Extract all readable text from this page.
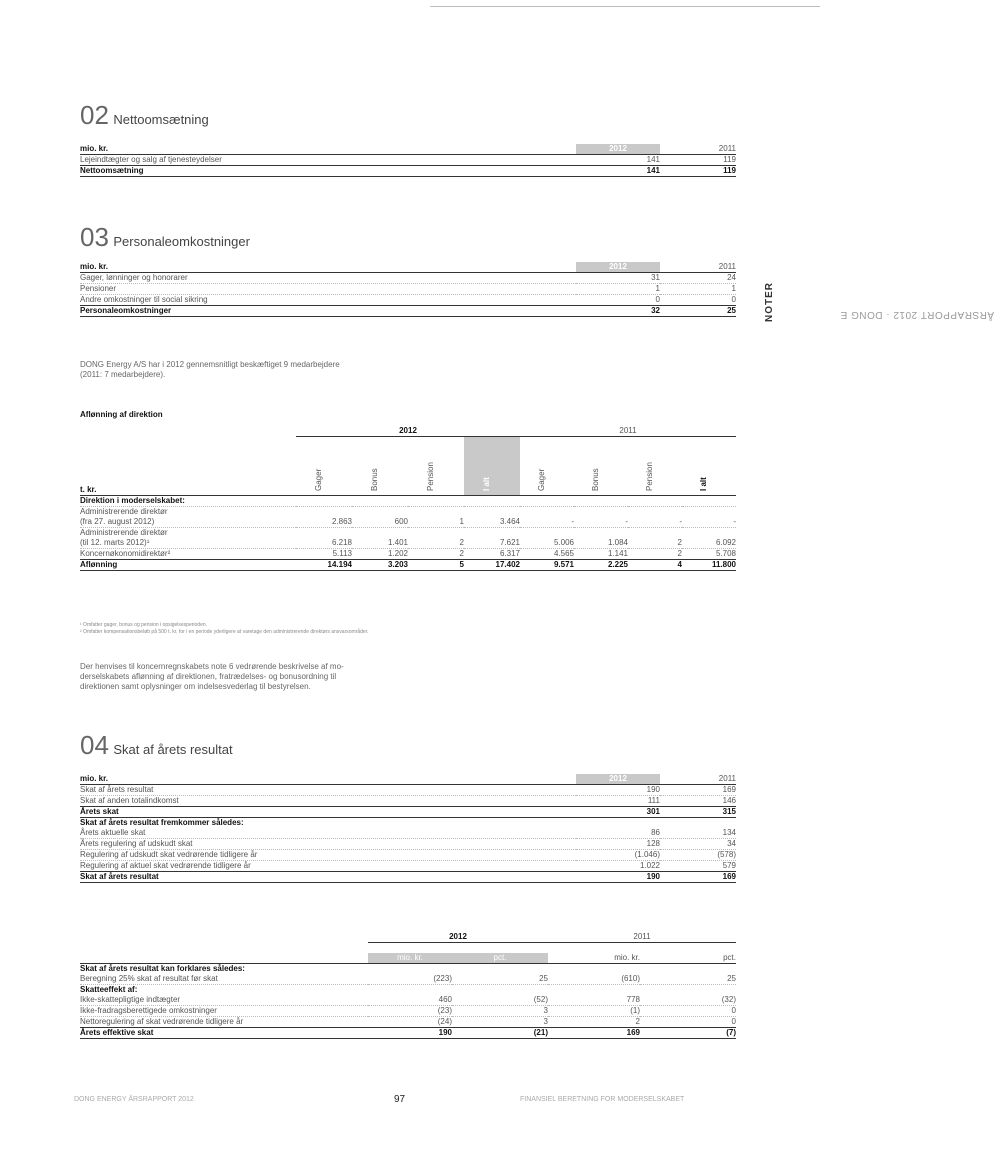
ÅRSRAPPORT 2012 · DONG E
NOTER
02 Nettoomsætning
mio. kr.	2012	2011
Lejeindtægter og salg af tjenesteydelser	141	119
Nettoomsætning	141	119
03 Personaleomkostninger
mio. kr.	2012	2011
Gager, lønninger og honorarer	31	24
Pensioner	1	1
Andre omkostninger til social sikring	0	0
Personaleomkostninger	32	25
DONG Energy A/S har i 2012 gennemsnitligt beskæftiget 9 medarbejdere
(2011: 7 medarbejdere).
Aflønning af direktion
	2012				2011			
t. kr.	Gager	Bonus	Pension	I alt	Gager	Bonus	Pension	I alt

Direktion i moderselskabet:								
Administrerende direktør								
(fra 27. august 2012)	2.863	600	1	3.464	-	-	-	-
Administrerende direktør								
(til 12. marts 2012)¹	6.218	1.401	2	7.621	5.006	1.084	2	6.092
Koncernøkonomidirektør²	5.113	1.202	2	6.317	4.565	1.141	2	5.708
Aflønning	14.194	3.203	5	17.402	9.571	2.225	4	11.800
¹ Omfatter gager, bonus og pension i opsigelsesperioden.
² Omfatter kompensationsbeløb på 500 t. kr. for i en periode yderligere at varetage den administrerende direktørs ansvarsområder.
Der henvises til koncernregnskabets note 6 vedrørende beskrivelse af mo-
derselskabets aflønning af direktionen, fratrædelses- og bonusordning til
direktionen samt oplysninger om indelsesvederlag til bestyrelsen.
04 Skat af årets resultat
mio. kr.	2012	2011
Skat af årets resultat	190	169
Skat af anden totalindkomst	111	146
Årets skat	301	315
Skat af årets resultat fremkommer således:		
Årets aktuelle skat	86	134
Årets regulering af udskudt skat	128	34
Regulering af udskudt skat vedrørende tidligere år	(1.046)	(578)
Regulering af aktuel skat vedrørende tidligere år	1.022	579
Skat af årets resultat	190	169
	2012		2011	

	mio. kr.	pct.	mio. kr.	pct.
Skat af årets resultat kan forklares således:				
Beregning 25% skat af resultat før skat	(223)	25	(610)	25
Skatteeffekt af:				
Ikke-skattepligtige indtægter	460	(52)	778	(32)
Ikke-fradragsberettigede omkostninger	(23)	3	(1)	0
Nettoregulering af skat vedrørende tidligere år	(24)	3	2	0
Årets effektive skat	190	(21)	169	(7)
DONG ENERGY ÅRSRAPPORT 2012	97	FINANSIEL BERETNING FOR MODERSELSKABET
